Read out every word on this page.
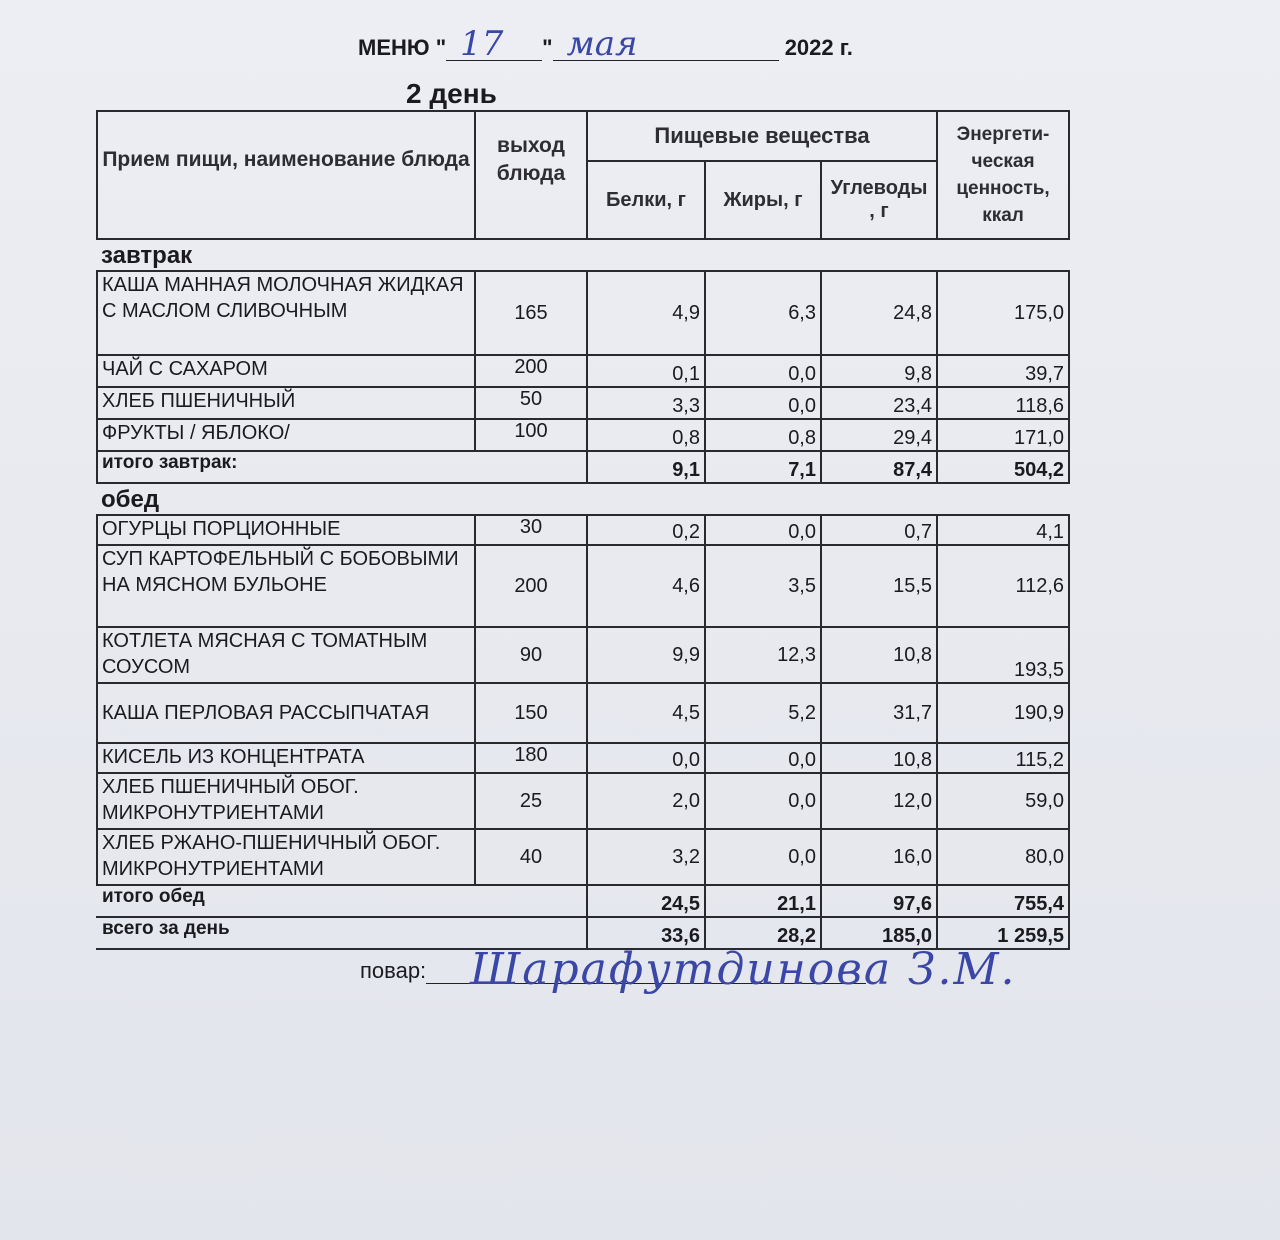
МЕНЮ " 17 " мая	2022 г.
2 день
Прием пищи, наименование блюда	выход блюда	Пищевые вещества			Энергети- ческая ценность, ккал
		Белки, г	Жиры, г	Углеводы , г	
завтрак					
КАША МАННАЯ МОЛОЧНАЯ ЖИДКАЯ С МАСЛОМ СЛИВОЧНЫМ	165	4,9	6,3	24,8	175,0
ЧАЙ С САХАРОМ	200	0,1	0,0	9,8	39,7
ХЛЕБ ПШЕНИЧНЫЙ	50	3,3	0,0	23,4	118,6
ФРУКТЫ / ЯБЛОКО/	100	0,8	0,8	29,4	171,0
итого завтрак:		9,1	7,1	87,4	504,2
обед					
ОГУРЦЫ ПОРЦИОННЫЕ	30	0,2	0,0	0,7	4,1
СУП КАРТОФЕЛЬНЫЙ С БОБОВЫМИ НА МЯСНОМ БУЛЬОНЕ	200	4,6	3,5	15,5	112,6
КОТЛЕТА МЯСНАЯ С ТОМАТНЫМ СОУСОМ	90	9,9	12,3	10,8	193,5
КАША ПЕРЛОВАЯ РАССЫПЧАТАЯ	150	4,5	5,2	31,7	190,9
КИСЕЛЬ ИЗ КОНЦЕНТРАТА	180	0,0	0,0	10,8	115,2
ХЛЕБ ПШЕНИЧНЫЙ ОБОГ. МИКРОНУТРИЕНТАМИ	25	2,0	0,0	12,0	59,0
ХЛЕБ РЖАНО-ПШЕНИЧНЫЙ ОБОГ. МИКРОНУТРИЕНТАМИ	40	3,2	0,0	16,0	80,0
итого обед		24,5	21,1	97,6	755,4
всего за день		33,6	28,2	185,0	1 259,5
повар: Шарафутдинова З.М.
